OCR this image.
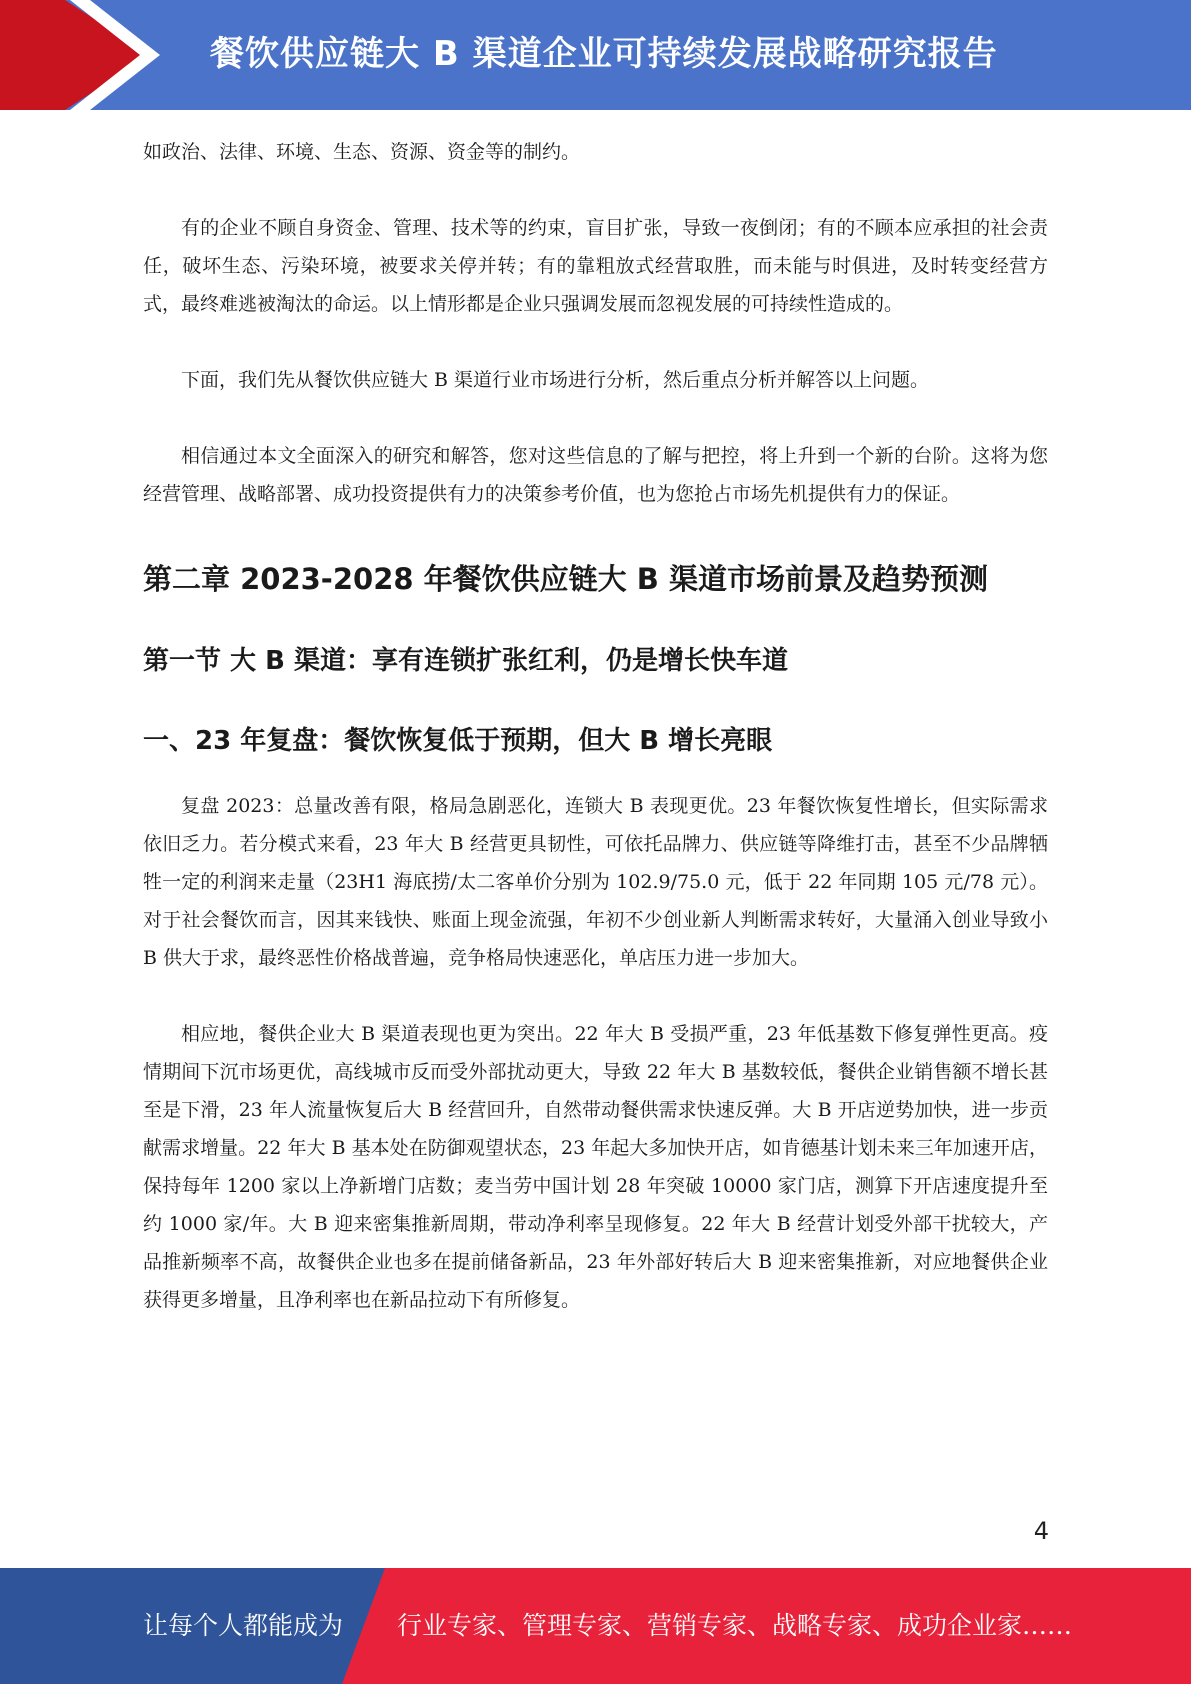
餐饮供应链大 B 渠道企业可持续发展战略研究报告

如政治、法律、环境、生态、资源、资金等的制约。

有的企业不顾自身资金、管理、技术等的约束，盲目扩张，导致一夜倒闭；有的不顾本应承担的社会责任，破坏生态、污染环境，被要求关停并转；有的靠粗放式经营取胜，而未能与时俱进，及时转变经营方式，最终难逃被淘汰的命运。以上情形都是企业只强调发展而忽视发展的可持续性造成的。

下面，我们先从餐饮供应链大 B 渠道行业市场进行分析，然后重点分析并解答以上问题。

相信通过本文全面深入的研究和解答，您对这些信息的了解与把控，将上升到一个新的台阶。这将为您经营管理、战略部署、成功投资提供有力的决策参考价值，也为您抢占市场先机提供有力的保证。

第二章 2023-2028 年餐饮供应链大 B 渠道市场前景及趋势预测
第一节 大 B 渠道：享有连锁扩张红利，仍是增长快车道
一、23 年复盘：餐饮恢复低于预期，但大 B 增长亮眼

复盘 2023：总量改善有限，格局急剧恶化，连锁大 B 表现更优。23 年餐饮恢复性增长，但实际需求依旧乏力。若分模式来看，23 年大 B 经营更具韧性，可依托品牌力、供应链等降维打击，甚至不少品牌牺牲一定的利润来走量（23H1 海底捞/太二客单价分别为 102.9/75.0 元，低于 22 年同期 105 元/78 元）。对于社会餐饮而言，因其来钱快、账面上现金流强，年初不少创业新人判断需求转好，大量涌入创业导致小 B 供大于求，最终恶性价格战普遍，竞争格局快速恶化，单店压力进一步加大。

相应地，餐供企业大 B 渠道表现也更为突出。22 年大 B 受损严重，23 年低基数下修复弹性更高。疫情期间下沉市场更优，高线城市反而受外部扰动更大，导致 22 年大 B 基数较低，餐供企业销售额不增长甚至是下滑，23 年人流量恢复后大 B 经营回升，自然带动餐供需求快速反弹。大 B 开店逆势加快，进一步贡献需求增量。22 年大 B 基本处在防御观望状态，23 年起大多加快开店，如肯德基计划未来三年加速开店，保持每年 1200 家以上净新增门店数；麦当劳中国计划 28 年突破 10000 家门店，测算下开店速度提升至约 1000 家/年。大 B 迎来密集推新周期，带动净利率呈现修复。22 年大 B 经营计划受外部干扰较大，产品推新频率不高，故餐供企业也多在提前储备新品，23 年外部好转后大 B 迎来密集推新，对应地餐供企业获得更多增量，且净利率也在新品拉动下有所修复。

4
让每个人都能成为 行业专家、管理专家、营销专家、战略专家、成功企业家……
